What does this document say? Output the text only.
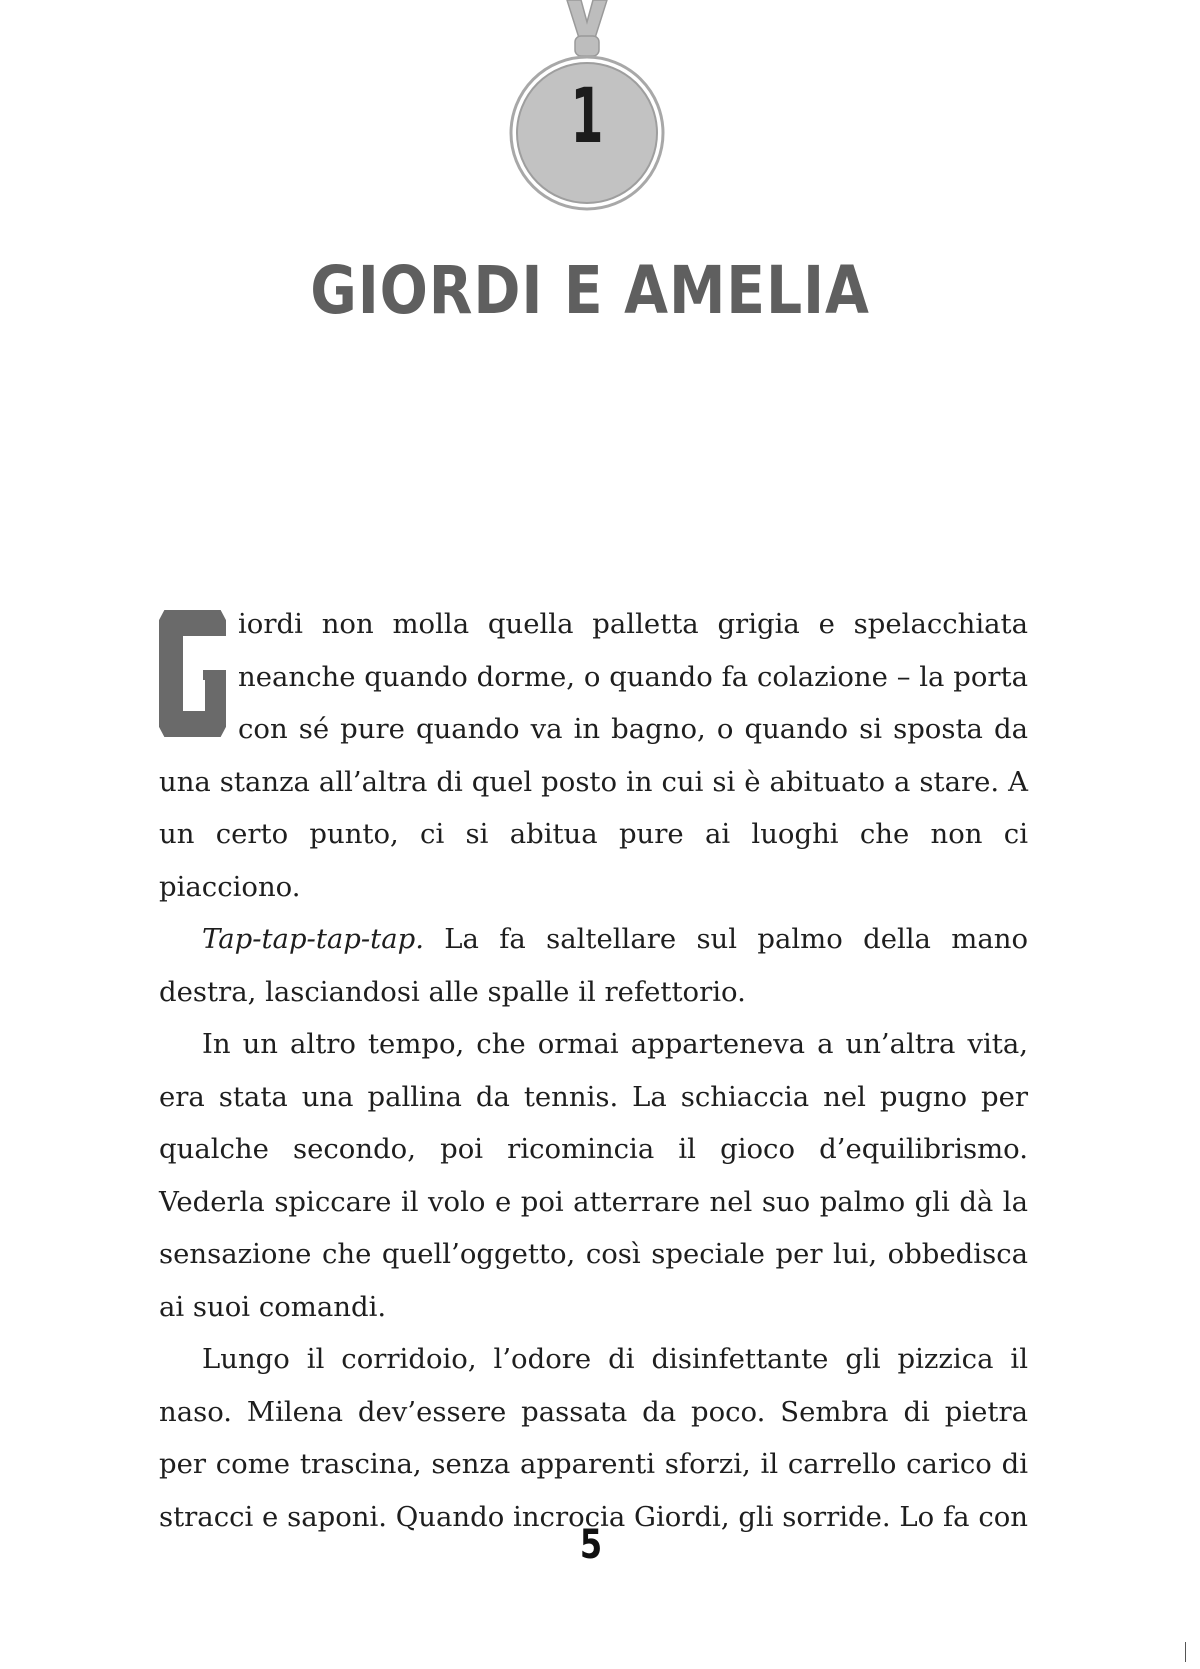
1
GIORDI E AMELIA

iordi non molla quella palletta grigia e spelacchiata neanche quando dorme, o quando fa colazione – la porta con sé pure quando va in bagno, o quando si sposta da una stanza all’altra di quel posto in cui si è abituato a stare. A un certo punto, ci si abitua pure ai luoghi che non ci piacciono.

Tap-tap-tap-tap. La fa saltellare sul palmo della mano destra, lasciandosi alle spalle il refettorio.

In un altro tempo, che ormai apparteneva a un’altra vita, era stata una pallina da tennis. La schiaccia nel pugno per qualche secondo, poi ricomincia il gioco d’equilibrismo. Vederla spiccare il volo e poi atterrare nel suo palmo gli dà la sensazione che quell’oggetto, così speciale per lui, obbedisca ai suoi comandi.

Lungo il corridoio, l’odore di disinfettante gli pizzica il naso. Milena dev’essere passata da poco. Sembra di pietra per come trascina, senza apparenti sforzi, il carrello carico di stracci e saponi. Quando incrocia Giordi, gli sorride. Lo fa con

5
